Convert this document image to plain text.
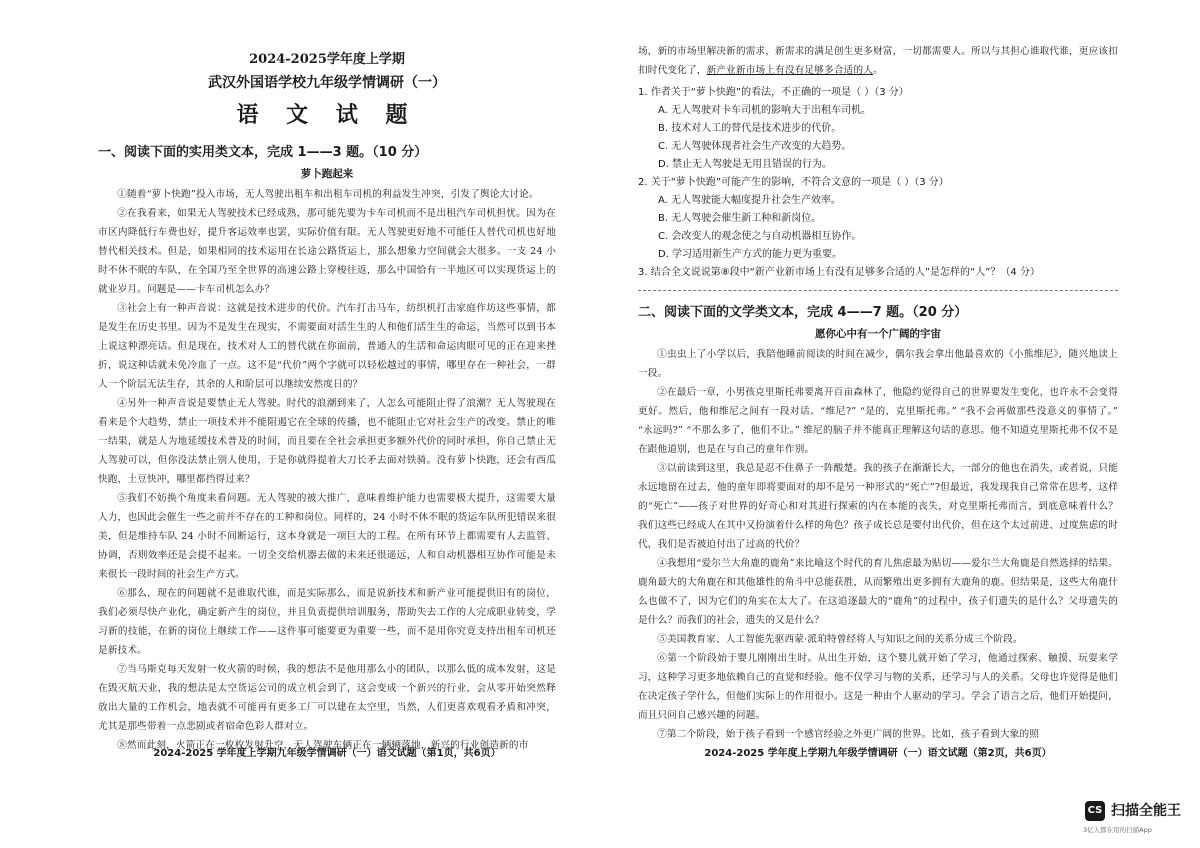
2024-2025学年度上学期
武汉外国语学校九年级学情调研（一）
语 文 试 题
一、阅读下面的实用类文本，完成 1——3 题。（10 分）
萝卜跑起来

①随着“萝卜快跑”投入市场，无人驾驶出租车和出租车司机的利益发生冲突，引发了舆论大讨论。

②在我看来，如果无人驾驶技术已经成熟，那可能先要为卡车司机而不是出租汽车司机担忧。因为在市区内降低行车费也好，提升客运效率也罢，实际价值有限。无人驾驶更好地不可能任人替代司机也好地替代相关技术。但是，如果相同的技术运用在长途公路货运上，那么想象力空间就会大很多。一支 24 小时不休不眠的车队，在全国乃至全世界的高速公路上穿梭往返，那么中国恰有一半地区可以实现货运上的就业岁月。问题是——卡车司机怎么办？

③社会上有一种声音说：这就是技术进步的代价。汽车打击马车，纺织机打击家庭作坊这些事情，都是发生在历史书里。因为不是发生在现实，不需要面对活生生的人和他们活生生的命运，当然可以到书本上说这种漂亮话。但是现在，技术对人工的替代就在你面前，普通人的生活和命运肉眼可见的正在迎来挫折，说这种话就未免冷血了一点。这不是“代价”两个字就可以轻松越过的事情，哪里存在一种社会，一群人一个阶层无法生存，其余的人和阶层可以继续安然度日的？

④另外一种声音说是要禁止无人驾驶。时代的浪潮到来了，人怎么可能阻止得了浪潮？无人驾驶现在看来是个大趋势，禁止一项技术并不能阻遏它在全球的传播，也不能阻止它对社会生产的改变。禁止的唯一结果，就是人为地延缓技术普及的时间，而且要在全社会承担更多额外代价的同时承担，你自己禁止无人驾驶可以，但你没法禁止别人使用，于是你就得提着大刀长矛去面对铁骑。没有萝卜快跑，还会有西瓜快跑，土豆快冲，哪里都挡得过来？

⑤我们不妨换个角度来看问题。无人驾驶的被大推广，意味着维护能力也需要极大提升，这需要大量人力，也因此会催生一些之前并不存在的工种和岗位。同样的，24 小时不休不眠的货运车队所犯错误来很美，但是维持车队 24 小时不间断运行，这本身就是一项巨大的工程。在所有环节上都需要有人去监管、协调，否则效率还是会提不起来。一切全交给机器去做的未来还很遥远，人和自动机器相互协作可能是未来很长一段时间的社会生产方式。

⑥那么，现在的问题就不是谁取代谁，而是实际那么，而是说新技术和新产业可能提供旧有的岗位，我们必须尽快产业化，确定新产生的岗位，并且负责提供培训服务，帮助失去工作的人完成职业转变，学习新的技能，在新的岗位上继续工作——这件事可能要更为重要一些，而不是用你究竟支持出租车司机还是新技术。

⑦当马斯克每天发射一枚火箭的时候，我的想法不是他用那么小的团队，以那么低的成本发射，这是在毁灭航天业，我的想法是太空货运公司的成立机会到了，这会变成一个新兴的行业，会从零开始突然释放出大量的工作机会，地表就不可能再有更多工厂可以建在太空里，当然，人们更喜欢观看矛盾和冲突，尤其是那些带着一点悲剧或者宿命色彩人群对立。

⑧然而此刻，火箭正在一枚枚发射升空，无人驾驶车辆正在一辆辆落地，新兴的行业创造新的市

2024-2025 学年度上学期九年级学情调研（一）语文试题（第1页，共6页）

场，新的市场里解决新的需求，新需求的满足创生更多财富，一切都需要人。所以与其担心谁取代谁，更应该扣扣时代变化了，新产业新市场上有没有足够多合适的人。

1. 作者关于“萝卜快跑”的看法，不正确的一项是（ ）（3 分）

A. 无人驾驶对卡车司机的影响大于出租车司机。

B. 技术对人工的替代是技术进步的代价。

C. 无人驾驶体现者社会生产改变的大趋势。

D. 禁止无人驾驶是无用且错误的行为。

2. 关于“萝卜快跑”可能产生的影响，不符合文意的一项是（ ）（3 分）

A. 无人驾驶能大幅度提升社会生产效率。

B. 无人驾驶会催生新工种和新岗位。

C. 会改变人的观念使之与自动机器相互协作。

D. 学习适用新生产方式的能力更为重要。

3. 结合全文说说第⑧段中“新产业新市场上有没有足够多合适的人”是怎样的“人”？（4 分）

二、阅读下面的文学类文本，完成 4——7 题。（20 分）
愿你心中有一个广阔的宇宙

①虫虫上了小学以后，我陪他睡前阅读的时间在减少，偶尔我会拿出他最喜欢的《小熊维尼》，随兴地读上一段。

②在最后一章，小男孩克里斯托弗要离开百亩森林了，他隐约觉得自己的世界要发生变化，也许永不会变得更好。然后，他和维尼之间有一段对话。“维尼?” “是的，克里斯托弗。” “我不会再做那些没意义的事情了。” “永远吗?” “不那么多了，他们不让。” 维尼的脑子并不能真正理解这句话的意思。他不知道克里斯托弗不仅不是在跟他道别，也是在与自己的童年作别。

③以前读到这里，我总是忍不住鼻子一阵酸楚。我的孩子在渐渐长大，一部分的他也在消失，或者说，只能永远地留在过去，他的童年即将要面对的却不是另一种形式的“死亡”?但最近，我发现我自己常常在思考，这样的“死亡”——孩子对世界的好奇心和对其进行探索的内在本能的丧失，对克里斯托弗而言，到底意味着什么？我们这些已经成人在其中又扮演着什么样的角色？孩子成长总是要付出代价，但在这个太过前进、过度焦虑的时代，我们是否被迫付出了过高的代价？

④我想用“爱尔兰大角鹿的鹿角”来比喻这个时代的育儿焦虑最为贴切——爱尔兰大角鹿是自然选择的结果。鹿角最大的大角鹿在和其他雄性的角斗中总能获胜，从而繁殖出更多拥有大鹿角的鹿。但结果是，这些大角鹿什么也做不了，因为它们的角实在太大了。在这追逐最大的“鹿角”的过程中，孩子们遗失的是什么？父母遗失的是什么？而我们的社会，遗失的又是什么？

⑤美国教育家、人工智能先驱西蒙·派珀特曾经将人与知识之间的关系分成三个阶段。

⑥第一个阶段始于婴儿刚刚出生时。从出生开始，这个婴儿就开始了学习，他通过探索、触摸、玩耍来学习，这种学习更多地依赖自己的直觉和经验。他不仅学习与物的关系，还学习与人的关系。父母也许觉得是他们在决定孩子学什么，但他们实际上的作用很小。这是一种由个人驱动的学习。学会了语言之后，他们开始提问，而且只问自己感兴趣的问题。

⑦第二个阶段，始于孩子看到一个感官经验之外更广阔的世界。比如，孩子看到大象的照

2024-2025 学年度上学期九年级学情调研（一）语文试题（第2页，共6页）
CS 扫描全能王
3亿人都在用的扫描App
